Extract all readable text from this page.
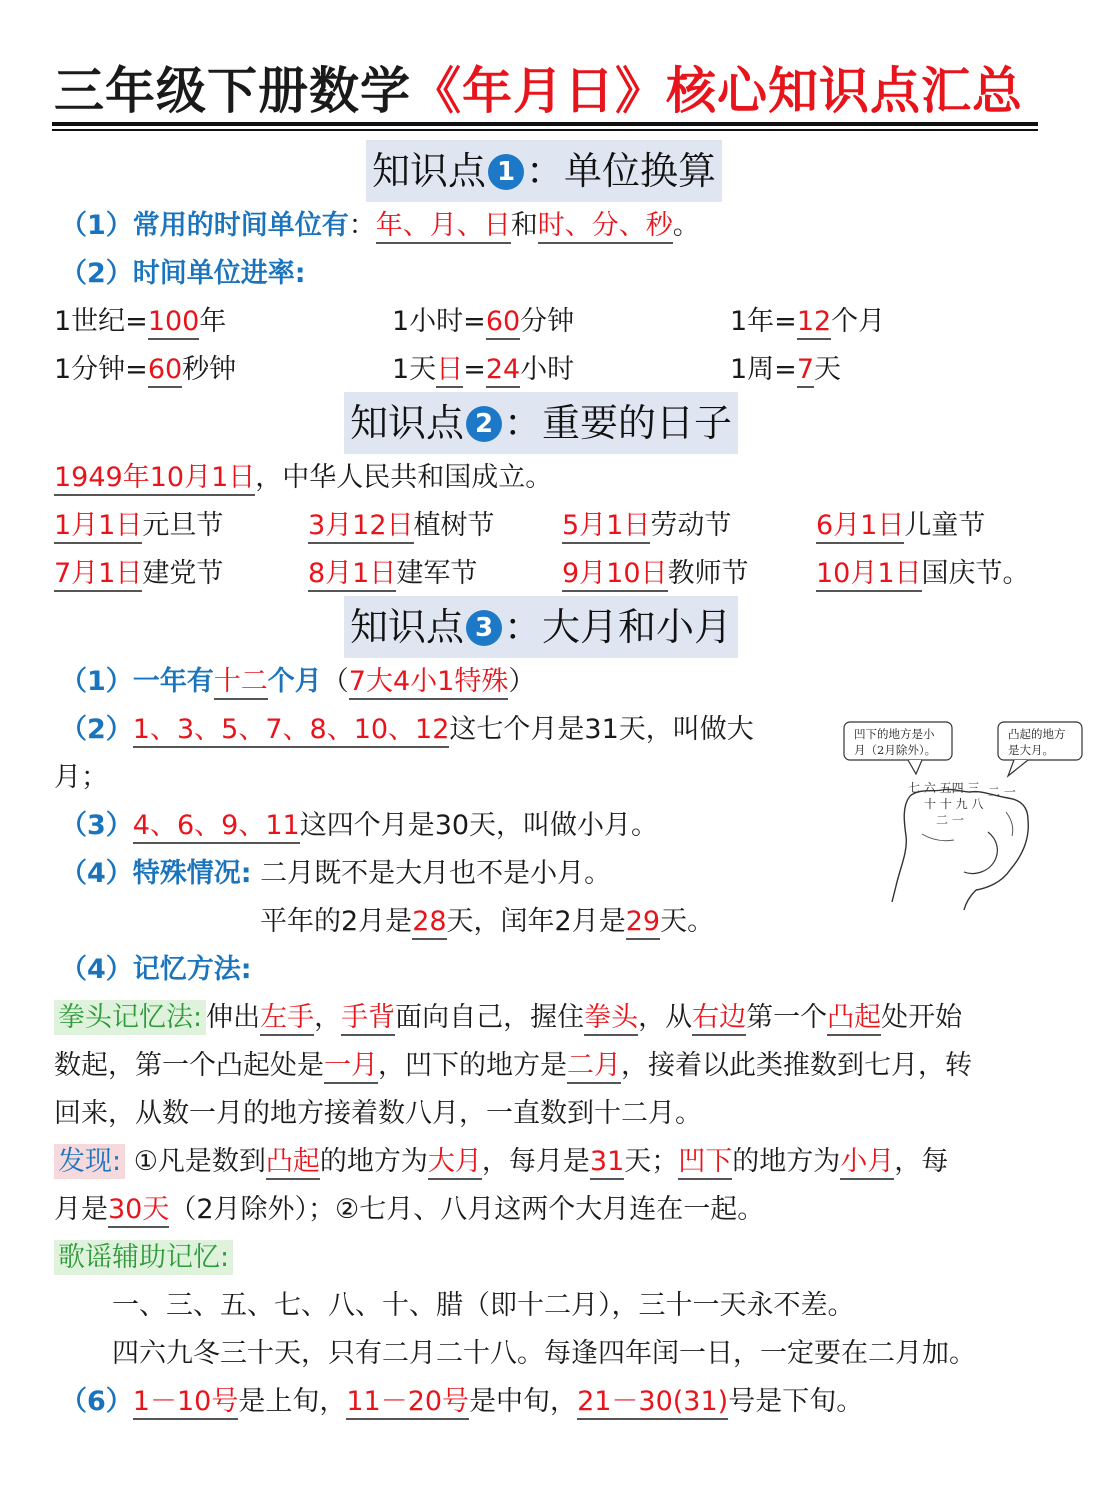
三年级下册数学《年月日》核心知识点汇总
知识点 1 ：单位换算
（1）常用的时间单位有：年、月、日和时、分、秒。
（2）时间单位进率:
1世纪=100年	1小时=60分钟	1年=12个月
1分钟=60秒钟	1天日=24小时	1周=7天
知识点 2 ：重要的日子
1949年10月1日，中华人民共和国成立。
1月1日元旦节	3月12日植树节 5月1日劳动节	6月1日儿童节
7月1日建党节	8月1日建军节	9月10日教师节 10月1日国庆节。
知识点 3 ：大月和小月
（1）一年有十二个月（7大4小1特殊）
（2）1、3、5、7、8、10、12这七个月是31天，叫做大
月；
（3）4、6、9、11这四个月是30天，叫做小月。
（4）特殊情况: 二月既不是大月也不是小月。
平年的2月是28天，闰年2月是29天。
（4）记忆方法:
拳头记忆法: 伸出左手，手背面向自己，握住拳头，从右边第一个凸起处开始
数起，第一个凸起处是一月，凹下的地方是二月，接着以此类推数到七月，转
回来，从数一月的地方接着数八月，一直数到十二月。
发现: ①凡是数到凸起的地方为大月，每月是31天；凹下的地方为小月，每
月是30天（2月除外）；②七月、八月这两个大月连在一起。
歌谣辅助记忆:
一、三、五、七、八、十、腊（即十二月），三十一天永不差。
四六九冬三十天，只有二月二十八。每逢四年闰一日，一定要在二月加。
（6）1－10号是上旬，11－20号是中旬，21－30(31)号是下旬。
凹下的地方是小
月（2月除外）。
凸起的地方
是大月。
七 六 五四 三 二 一
十 十 九 八
二 一
